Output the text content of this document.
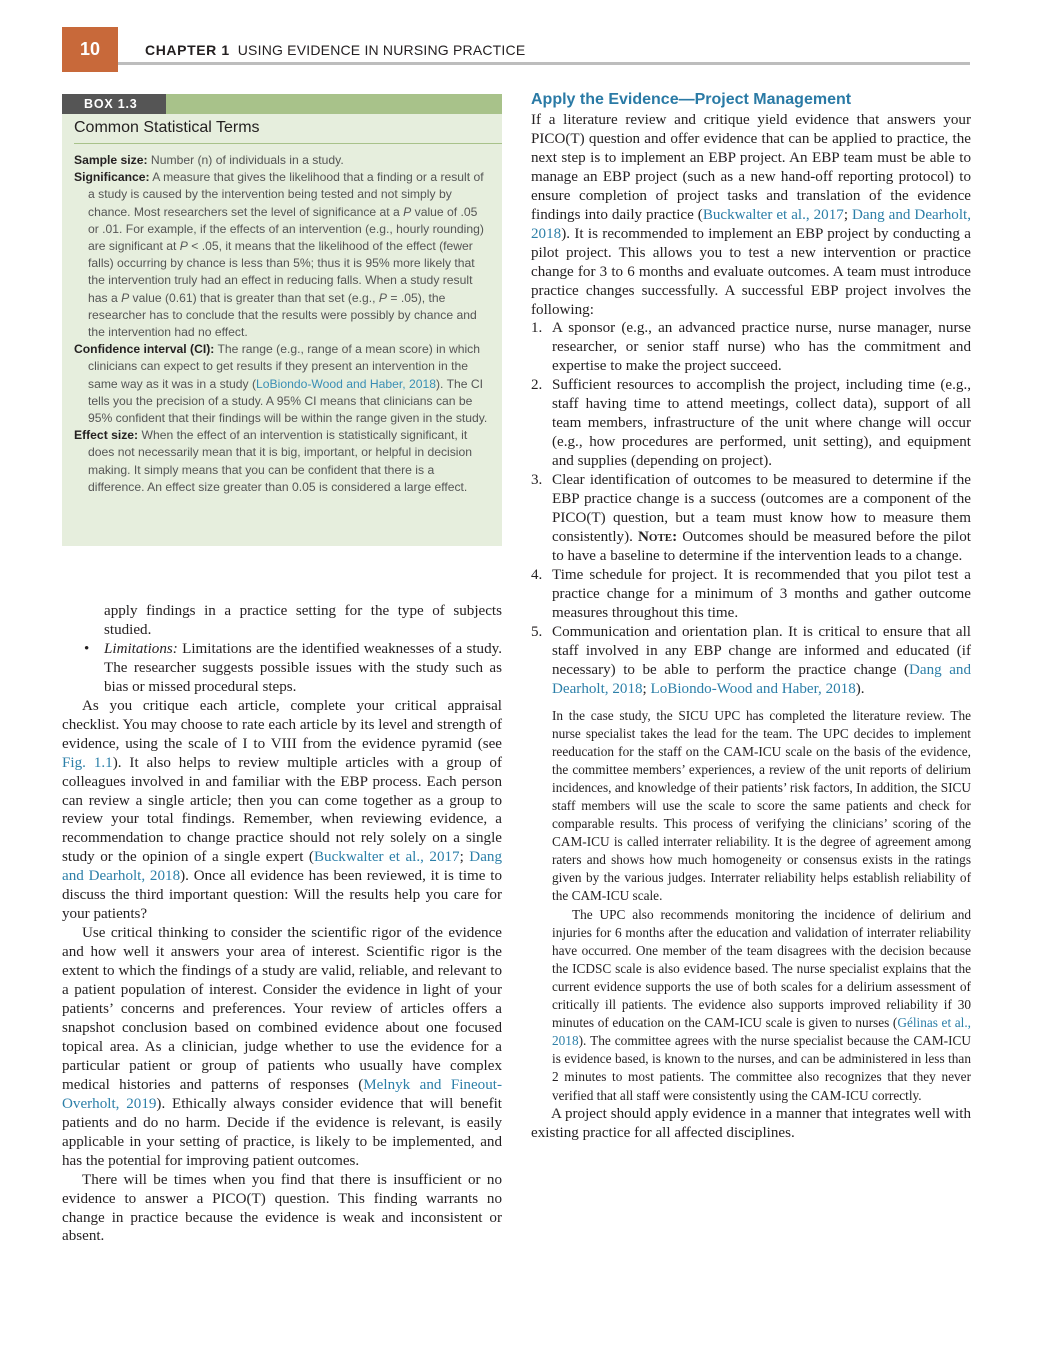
10	CHAPTER 1 USING EVIDENCE IN NURSING PRACTICE
BOX 1.3
Common Statistical Terms

Sample size: Number (n) of individuals in a study.

Significance: A measure that gives the likelihood that a finding or a result of a study is caused by the intervention being tested and not simply by chance. Most researchers set the level of significance at a P value of .05 or .01. For example, if the effects of an intervention (e.g., hourly rounding) are significant at P < .05, it means that the likelihood of the effect (fewer falls) occurring by chance is less than 5%; thus it is 95% more likely that the intervention truly had an effect in reducing falls. When a study result has a P value (0.61) that is greater than that set (e.g., P = .05), the researcher has to conclude that the results were possibly by chance and the intervention had no effect.

Confidence interval (CI): The range (e.g., range of a mean score) in which clinicians can expect to get results if they present an intervention in the same way as it was in a study (LoBiondo-Wood and Haber, 2018). The CI tells you the precision of a study. A 95% CI means that clinicians can be 95% confident that their findings will be within the range given in the study.

Effect size: When the effect of an intervention is statistically significant, it does not necessarily mean that it is big, important, or helpful in decision making. It simply means that you can be confident that there is a difference. An effect size greater than 0.05 is considered a large effect.

apply findings in a practice setting for the type of subjects studied.

• Limitations: Limitations are the identified weaknesses of a study. The researcher suggests possible issues with the study such as bias or missed procedural steps.

As you critique each article, complete your critical appraisal checklist. You may choose to rate each article by its level and strength of evidence, using the scale of I to VIII from the evidence pyramid (see Fig. 1.1). It also helps to review multiple articles with a group of colleagues involved in and familiar with the EBP process. Each person can review a single article; then you can come together as a group to review your total findings. Remember, when reviewing evidence, a recommendation to change practice should not rely solely on a single study or the opinion of a single expert (Buckwalter et al., 2017; Dang and Dearholt, 2018). Once all evidence has been reviewed, it is time to discuss the third important question: Will the results help you care for your patients?

Use critical thinking to consider the scientific rigor of the evidence and how well it answers your area of interest. Scientific rigor is the extent to which the findings of a study are valid, reliable, and relevant to a patient population of interest. Consider the evidence in light of your patients’ concerns and preferences. Your review of articles offers a snapshot conclusion based on combined evidence about one focused topical area. As a clinician, judge whether to use the evidence for a particular patient or group of patients who usually have complex medical histories and patterns of responses (Melnyk and Fineout-Overholt, 2019). Ethically always consider evidence that will benefit patients and do no harm. Decide if the evidence is relevant, is easily applicable in your setting of practice, is likely to be implemented, and has the potential for improving patient outcomes.

There will be times when you find that there is insufficient or no evidence to answer a PICO(T) question. This finding warrants no change in practice because the evidence is weak and inconsistent or absent.

Apply the Evidence—Project Management

If a literature review and critique yield evidence that answers your PICO(T) question and offer evidence that can be applied to practice, the next step is to implement an EBP project. An EBP team must be able to manage an EBP project (such as a new hand-off reporting protocol) to ensure completion of project tasks and translation of the evidence findings into daily practice (Buckwalter et al., 2017; Dang and Dearholt, 2018). It is recommended to implement an EBP project by conducting a pilot project. This allows you to test a new intervention or practice change for 3 to 6 months and evaluate outcomes. A team must introduce practice changes successfully. A successful EBP project involves the following:

1. A sponsor (e.g., an advanced practice nurse, nurse manager, nurse researcher, or senior staff nurse) who has the commitment and expertise to make the project succeed.
2. Sufficient resources to accomplish the project, including time (e.g., staff having time to attend meetings, collect data), support of all team members, infrastructure of the unit where change will occur (e.g., how procedures are performed, unit setting), and equipment and supplies (depending on project).
3. Clear identification of outcomes to be measured to determine if the EBP practice change is a success (outcomes are a component of the PICO(T) question, but a team must know how to measure them consistently). Note: Outcomes should be measured before the pilot to have a baseline to determine if the intervention leads to a change.
4. Time schedule for project. It is recommended that you pilot test a practice change for a minimum of 3 months and gather outcome measures throughout this time.
5. Communication and orientation plan. It is critical to ensure that all staff involved in any EBP change are informed and educated (if necessary) to be able to perform the practice change (Dang and Dearholt, 2018; LoBiondo-Wood and Haber, 2018).

In the case study, the SICU UPC has completed the literature review. The nurse specialist takes the lead for the team. The UPC decides to implement reeducation for the staff on the CAM-ICU scale on the basis of the evidence, the committee members’ experiences, a review of the unit reports of delirium incidences, and knowledge of their patients’ risk factors, In addition, the SICU staff members will use the scale to score the same patients and check for comparable results. This process of verifying the clinicians’ scoring of the CAM-ICU is called interrater reliability. It is the degree of agreement among raters and shows how much homogeneity or consensus exists in the ratings given by the various judges. Interrater reliability helps establish reliability of the CAM-ICU scale.

The UPC also recommends monitoring the incidence of delirium and injuries for 6 months after the education and validation of interrater reliability have occurred. One member of the team disagrees with the decision because the ICDSC scale is also evidence based. The nurse specialist explains that the current evidence supports the use of both scales for a delirium assessment of critically ill patients. The evidence also supports improved reliability if 30 minutes of education on the CAM-ICU scale is given to nurses (Gélinas et al., 2018). The committee agrees with the nurse specialist because the CAM-ICU is evidence based, is known to the nurses, and can be administered in less than 2 minutes to most patients. The committee also recognizes that they never verified that all staff were consistently using the CAM-ICU correctly.

A project should apply evidence in a manner that integrates well with existing practice for all affected disciplines.
